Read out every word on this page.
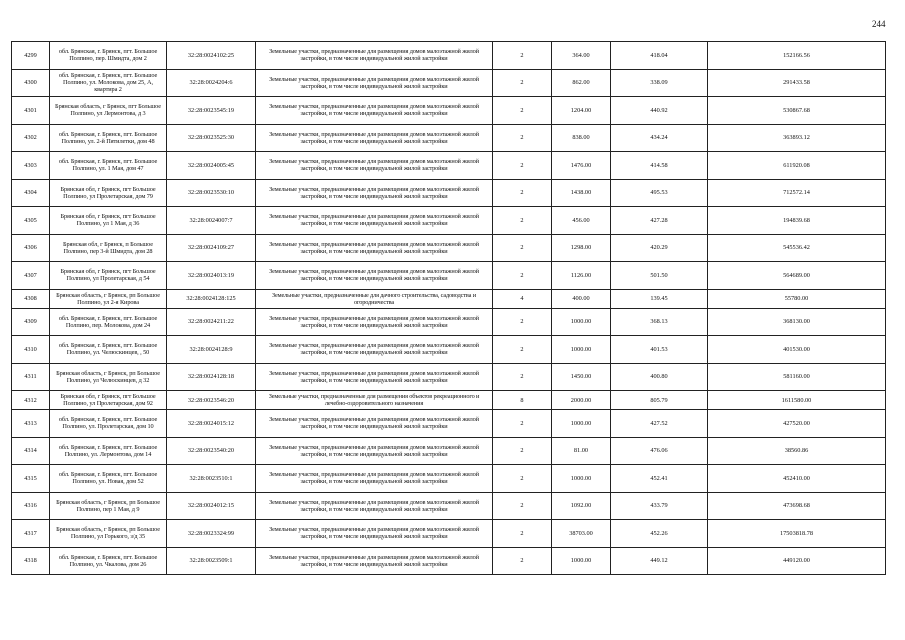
244
4299	обл. Брянская, г. Брянск, пгт. Большое Полпино, пер. Шмидта, дом 2	32:28:0024102:25	Земельные участки, предназначенные для размещения домов малоэтажной жилой застройки, в том числе индивидуальной жилой застройки	2	364.00	418.04	152166.56
4300	обл. Брянская, г. Брянск, пгт. Большое Полпино, ул. Молокова, дом 25, А, квартира 2	32:28:0024204:6	Земельные участки, предназначенные для размещения домов малоэтажной жилой застройки, в том числе индивидуальной жилой застройки	2	862.00	338.09	291433.58
4301	Брянская область, г Брянск, пгт Большое Полпино, ул Лермонтова, д 3	32:28:0023545:19	Земельные участки, предназначенные для размещения домов малоэтажной жилой застройки, в том числе индивидуальной жилой застройки	2	1204.00	440.92	530867.68
4302	обл. Брянская, г. Брянск, пгт. Большое Полпино, ул. 2-й Пятилетки, дом 48	32:28:0023525:30	Земельные участки, предназначенные для размещения домов малоэтажной жилой застройки, в том числе индивидуальной жилой застройки	2	838.00	434.24	363893.12
4303	обл. Брянская, г. Брянск, пгт. Большое Полпино, ул. 1 Мая, дом 47	32:28:0024005:45	Земельные участки, предназначенные для размещения домов малоэтажной жилой застройки, в том числе индивидуальной жилой застройки	2	1476.00	414.58	611920.08
4304	Брянская обл, г Брянск, пгт Большое Полпино, ул Пролетарская, дом 79	32:28:0023530:10	Земельные участки, предназначенные для размещения домов малоэтажной жилой застройки, в том числе индивидуальной жилой застройки	2	1438.00	495.53	712572.14
4305	Брянская обл, г Брянск, пгт Большое Полпино, ул 1 Мая, д 36	32:28:0024007:7	Земельные участки, предназначенные для размещения домов малоэтажной жилой застройки, в том числе индивидуальной жилой застройки	2	456.00	427.28	194839.68
4306	Брянская обл, г Брянск, п Большое Полпино, пер 3-й Шмидта, дом 28	32:28:0024109:27	Земельные участки, предназначенные для размещения домов малоэтажной жилой застройки, в том числе индивидуальной жилой застройки	2	1298.00	420.29	545536.42
4307	Брянская обл, г Брянск, пгт Большое Полпино, ул Пролетарская, д 54	32:28:0024013:19	Земельные участки, предназначенные для размещения домов малоэтажной жилой застройки, в том числе индивидуальной жилой застройки	2	1126.00	501.50	564689.00
4308	Брянская область, г Брянск, рп Большое Полпино, ул 2-я Кирова	32:28:0024128:125	Земельные участки, предназначенные для дачного строительства, садоводства и огородничества	4	400.00	139.45	55780.00
4309	обл. Брянская, г. Брянск, пгт. Большое Полпино, пер. Молокова, дом 24	32:28:0024211:22	Земельные участки, предназначенные для размещения домов малоэтажной жилой застройки, в том числе индивидуальной жилой застройки	2	1000.00	368.13	368130.00
4310	обл. Брянская, г. Брянск, пгт. Большое Полпино, ул. Челюскинцев, , 50	32:28:0024128:9	Земельные участки, предназначенные для размещения домов малоэтажной жилой застройки, в том числе индивидуальной жилой застройки	2	1000.00	401.53	401530.00
4311	Брянская область, г Брянск, рп Большое Полпино, ул Челюскинцев, д 32	32:28:0024128:18	Земельные участки, предназначенные для размещения домов малоэтажной жилой застройки, в том числе индивидуальной жилой застройки	2	1450.00	400.80	581160.00
4312	Брянская обл, г Брянск, пгт Большое Полпино, ул Пролетарская, дом 92	32:28:0023546:20	Земельные участки, предназначенные для размещения объектов рекреационного и лечебно-оздоровительного назначения	8	2000.00	805.79	1611580.00
4313	обл. Брянская, г. Брянск, пгт. Большое Полпино, ул. Пролетарская, дом 10	32:28:0024015:12	Земельные участки, предназначенные для размещения домов малоэтажной жилой застройки, в том числе индивидуальной жилой застройки	2	1000.00	427.52	427520.00
4314	обл. Брянская, г. Брянск, пгт. Большое Полпино, ул. Лермонтова, дом 14	32:28:0023540:20	Земельные участки, предназначенные для размещения домов малоэтажной жилой застройки, в том числе индивидуальной жилой застройки	2	81.00	476.06	38560.86
4315	обл. Брянская, г. Брянск, пгт. Большое Полпино, ул. Новая, дом 52	32:28:0023510:1	Земельные участки, предназначенные для размещения домов малоэтажной жилой застройки, в том числе индивидуальной жилой застройки	2	1000.00	452.41	452410.00
4316	Брянская область, г Брянск, рп Большое Полпино, пер 1 Мая, д 9	32:28:0024012:15	Земельные участки, предназначенные для размещения домов малоэтажной жилой застройки, в том числе индивидуальной жилой застройки	2	1092.00	433.79	473698.68
4317	Брянская область, г Брянск, рп Большое Полпино, ул Горького, з/д 35	32:28:0023324:99	Земельные участки, предназначенные для размещения домов малоэтажной жилой застройки, в том числе индивидуальной жилой застройки	2	38703.00	452.26	17503818.78
4318	обл. Брянская, г. Брянск, пгт. Большое Полпино, ул. Чкалова, дом 26	32:28:0023509:1	Земельные участки, предназначенные для размещения домов малоэтажной жилой застройки, в том числе индивидуальной жилой застройки	2	1000.00	449.12	449120.00
